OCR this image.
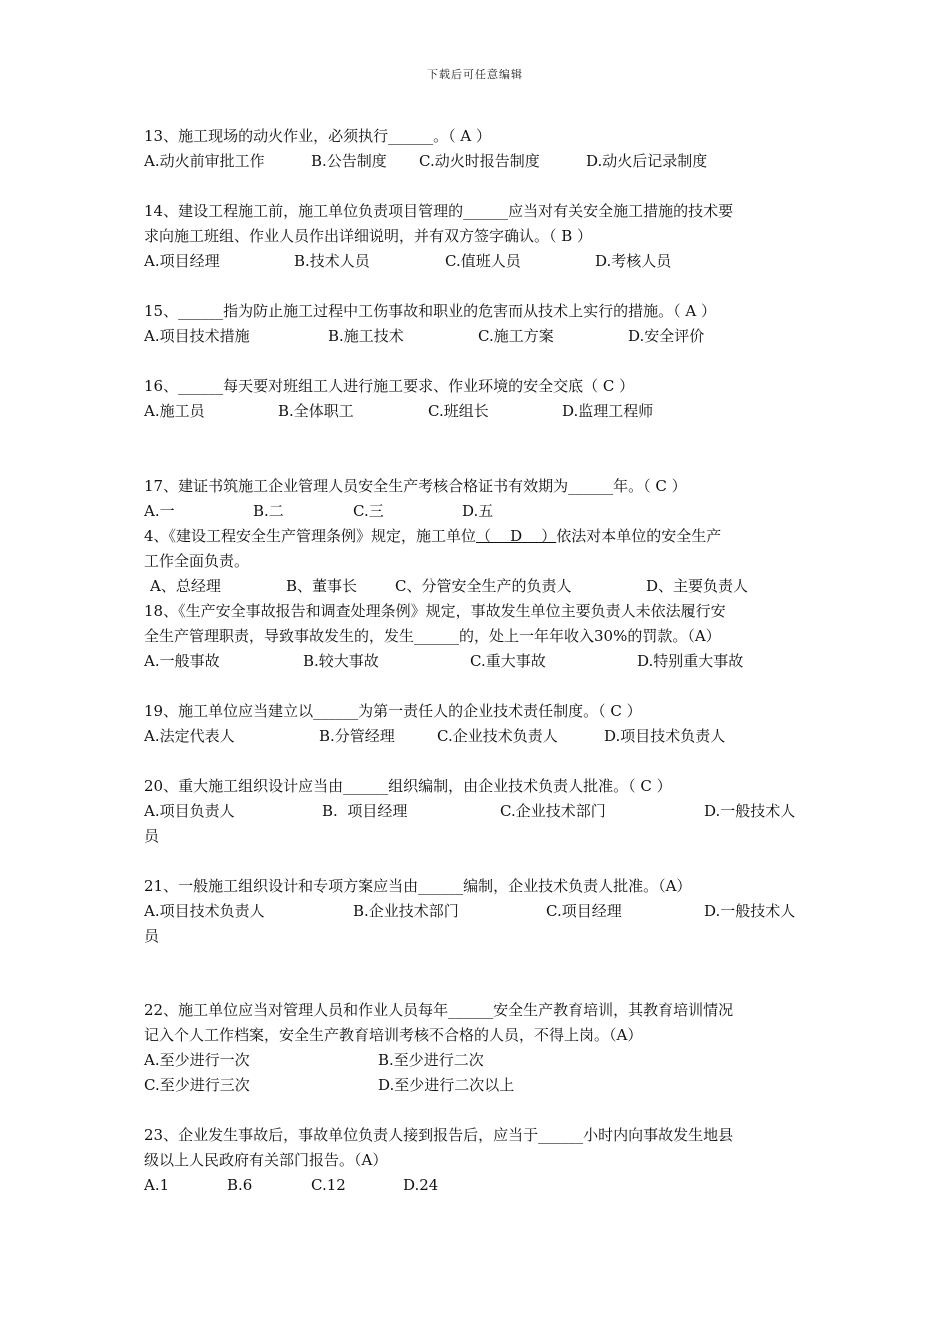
下载后可任意编辑
13、施工现场的动火作业，必须执行______。（ A ）
A.动火前审批工作	B.公告制度 C.动火时报告制度	D.动火后记录制度
14、建设工程施工前，施工单位负责项目管理的______应当对有关安全施工措施的技术要
求向施工班组、作业人员作出详细说明，并有双方签字确认。（ B ）
A.项目经理	B.技术人员	C.值班人员	D.考核人员
15、______指为防止施工过程中工伤事故和职业的危害而从技术上实行的措施。（ A ）
A.项目技术措施	B.施工技术	C.施工方案	D.安全评价
16、______每天要对班组工人进行施工要求、作业环境的安全交底（ C ）
A.施工员	B.全体职工	C.班组长	D.监理工程师
17、建证书筑施工企业管理人员安全生产考核合格证书有效期为______年。（ C ）
A.一	B.二	C.三	D.五
4、《建设工程安全生产管理条例》规定，施工单位（    D    ）依法对本单位的安全生产
工作全面负责。
A、总经理	B、董事长	C、分管安全生产的负责人	D、主要负责人
18、《生产安全事故报告和调查处理条例》规定，事故发生单位主要负责人未依法履行安
全生产管理职责，导致事故发生的，发生______的，处上一年年收入30%的罚款。（A）
A.一般事故	B.较大事故	C.重大事故	D.特别重大事故
19、施工单位应当建立以______为第一责任人的企业技术责任制度。（ C ）
A.法定代表人	B.分管经理	C.企业技术负责人	D.项目技术负责人
20、重大施工组织设计应当由______组织编制，由企业技术负责人批准。（ C ）
A.项目负责人	B.  项目经理	C.企业技术部门	D.一般技术人
员
21、一般施工组织设计和专项方案应当由______编制，企业技术负责人批准。（A）
A.项目技术负责人	B.企业技术部门	C.项目经理	D.一般技术人
员
22、施工单位应当对管理人员和作业人员每年______安全生产教育培训，其教育培训情况
记入个人工作档案，安全生产教育培训考核不合格的人员，不得上岗。（A）
A.至少进行一次	B.至少进行二次
C.至少进行三次	D.至少进行二次以上
23、企业发生事故后，事故单位负责人接到报告后，应当于______小时内向事故发生地县
级以上人民政府有关部门报告。（A）
A.1	B.6	C.12	D.24
